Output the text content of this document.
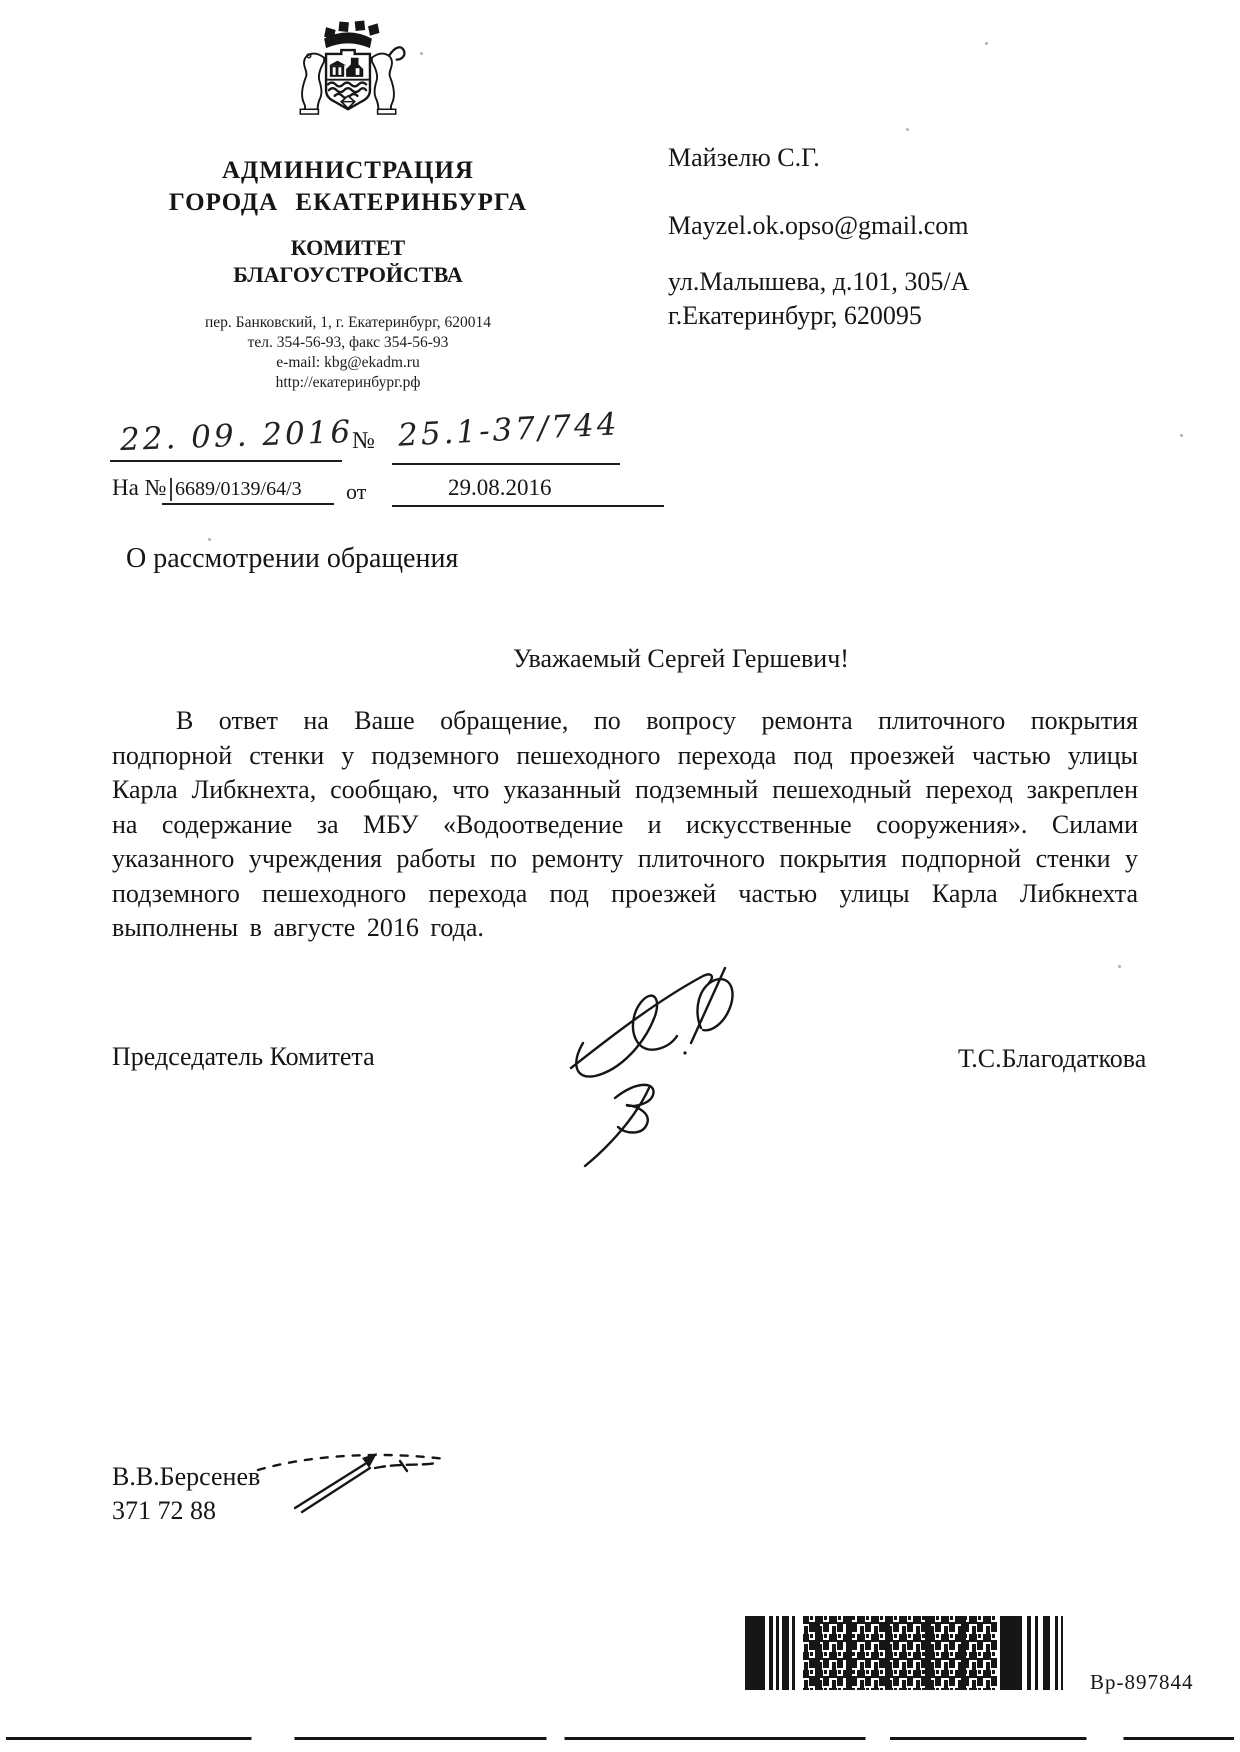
АДМИНИСТРАЦИЯ
ГОРОДА ЕКАТЕРИНБУРГА
КОМИТЕТ
БЛАГОУСТРОЙСТВА
пер. Банковский, 1, г. Екатеринбург, 620014
тел. 354-56-93, факс 354-56-93
e-mail: kbg@ekadm.ru
http://екатеринбург.рф
Майзелю С.Г.
Mayzel.ok.opso@gmail.com
ул.Малышева, д.101, 305/А
г.Екатеринбург, 620095
22. 09. 2016
№ 25.1-37/744
На № 6689/0139/64/3 от	29.08.2016
О рассмотрении обращения
Уважаемый Сергей Гершевич!
В ответ на Ваше обращение, по вопросу ремонта плиточного покрытия подпорной стенки у подземного пешеходного перехода под проезжей частью улицы Карла Либкнехта, сообщаю, что указанный подземный пешеходный переход закреплен на содержание за МБУ «Водоотведение и искусственные сооружения». Силами указанного учреждения работы по ремонту плиточного покрытия подпорной стенки у подземного пешеходного перехода под проезжей частью улицы Карла Либкнехта выполнены в августе 2016 года.
Председатель Комитета	Т.С.Благодаткова
В.В.Берсенев
371 72 88
Вр-897844
